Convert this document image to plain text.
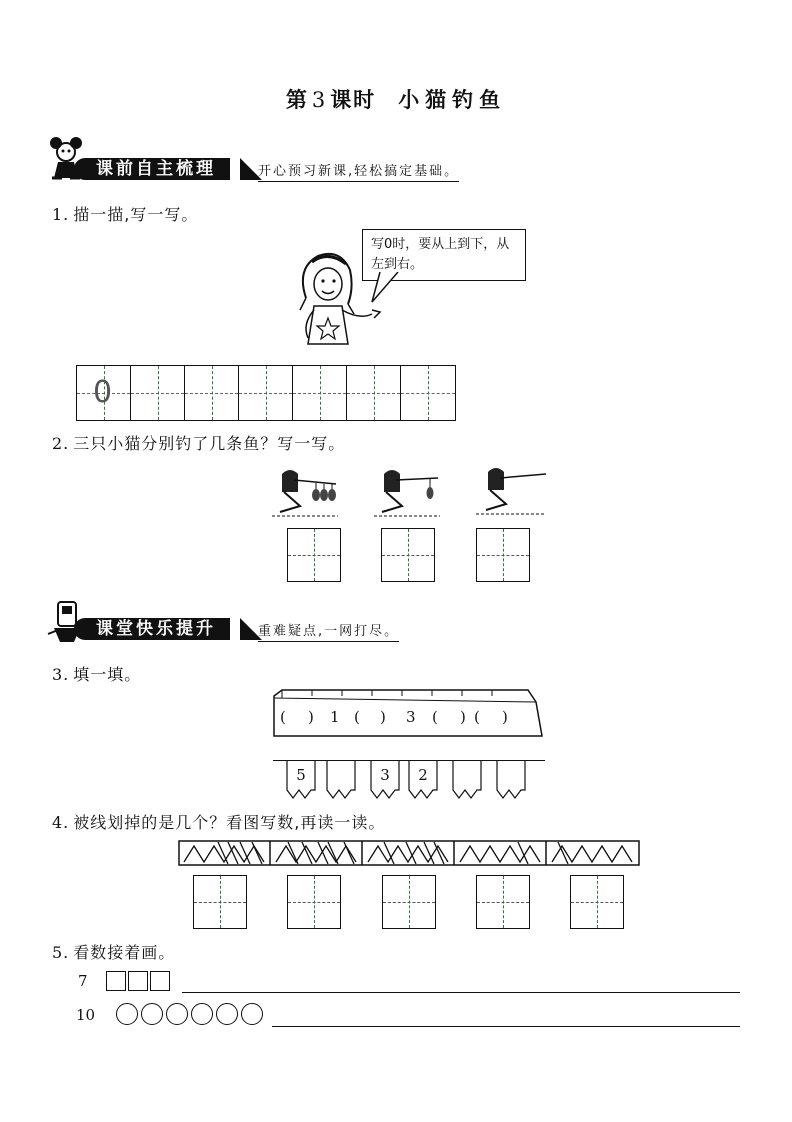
第 3 课时 小猫钓鱼
课前自主梳理	开心预习新课,轻松搞定基础。
1. 描一描,写一写。
写0时，要从上到下，从左到右。
0
2. 三只小猫分别钓了几条鱼？写一写。
课堂快乐提升	重难疑点,一网打尽。
3. 填一填。
( ) 1 ( ) 3 ( ) ( )
5	3	2
4. 被线划掉的是几个？看图写数,再读一读。
5. 看数接着画。
7
10
